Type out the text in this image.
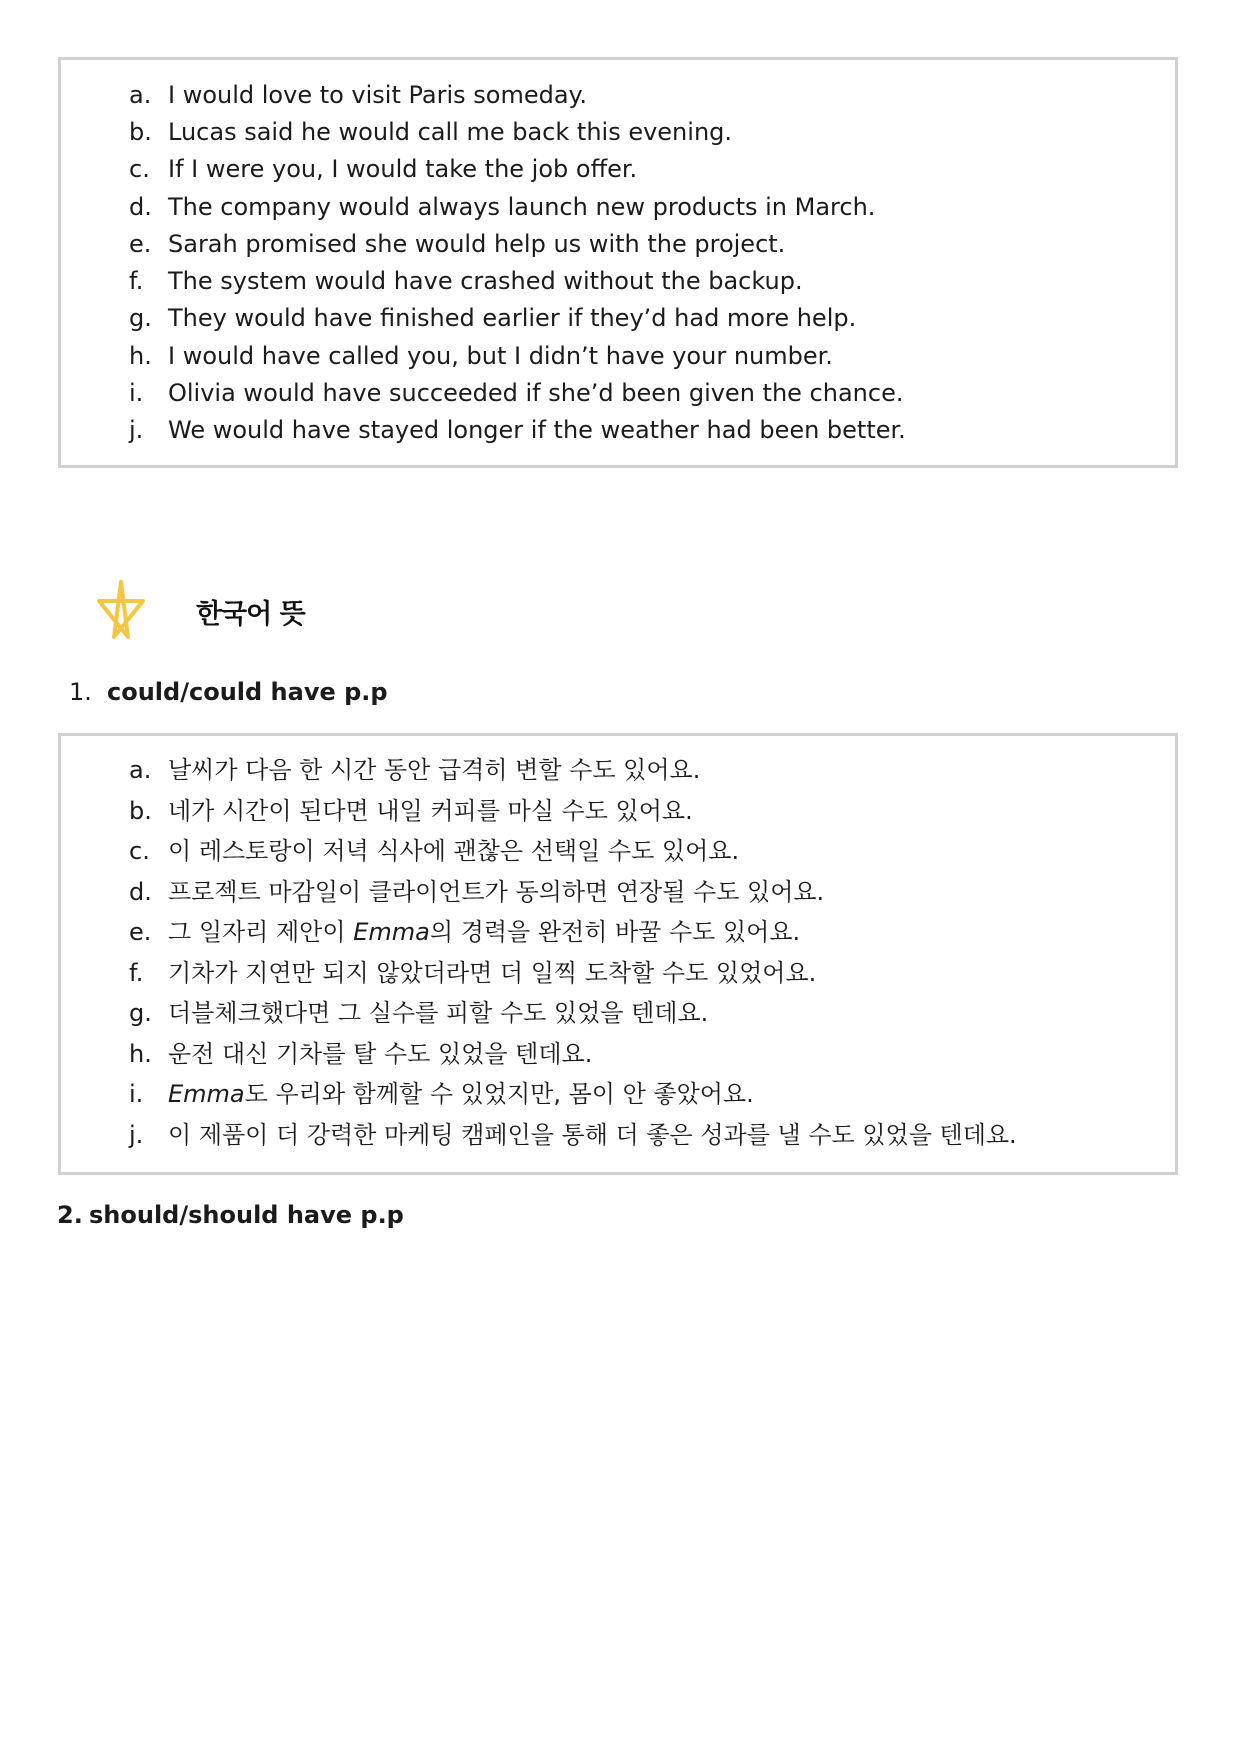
a. I would love to visit Paris someday.
b. Lucas said he would call me back this evening.
c. If I were you, I would take the job offer.
d. The company would always launch new products in March.
e. Sarah promised she would help us with the project.
f.	The system would have crashed without the backup.
g. They would have finished earlier if they’d had more help.
h. I would have called you, but I didn’t have your number.
i.	Olivia would have succeeded if she’d been given the chance.
j.	We would have stayed longer if the weather had been better.
한국어 뜻
1. could/could have p.p
a. 날씨가 다음 한 시간 동안 급격히 변할 수도 있어요.
b. 네가 시간이 된다면 내일 커피를 마실 수도 있어요.
c. 이 레스토랑이 저녁 식사에 괜찮은 선택일 수도 있어요.
d. 프로젝트 마감일이 클라이언트가 동의하면 연장될 수도 있어요.
e. 그 일자리 제안이 Emma의 경력을 완전히 바꿀 수도 있어요.
f.	기차가 지연만 되지 않았더라면 더 일찍 도착할 수도 있었어요.
g. 더블체크했다면 그 실수를 피할 수도 있었을 텐데요.
h. 운전 대신 기차를 탈 수도 있었을 텐데요.
i.	Emma도 우리와 함께할 수 있었지만, 몸이 안 좋았어요.
j.	이 제품이 더 강력한 마케팅 캠페인을 통해 더 좋은 성과를 낼 수도 있었을 텐데요.
2. should/should have p.p
